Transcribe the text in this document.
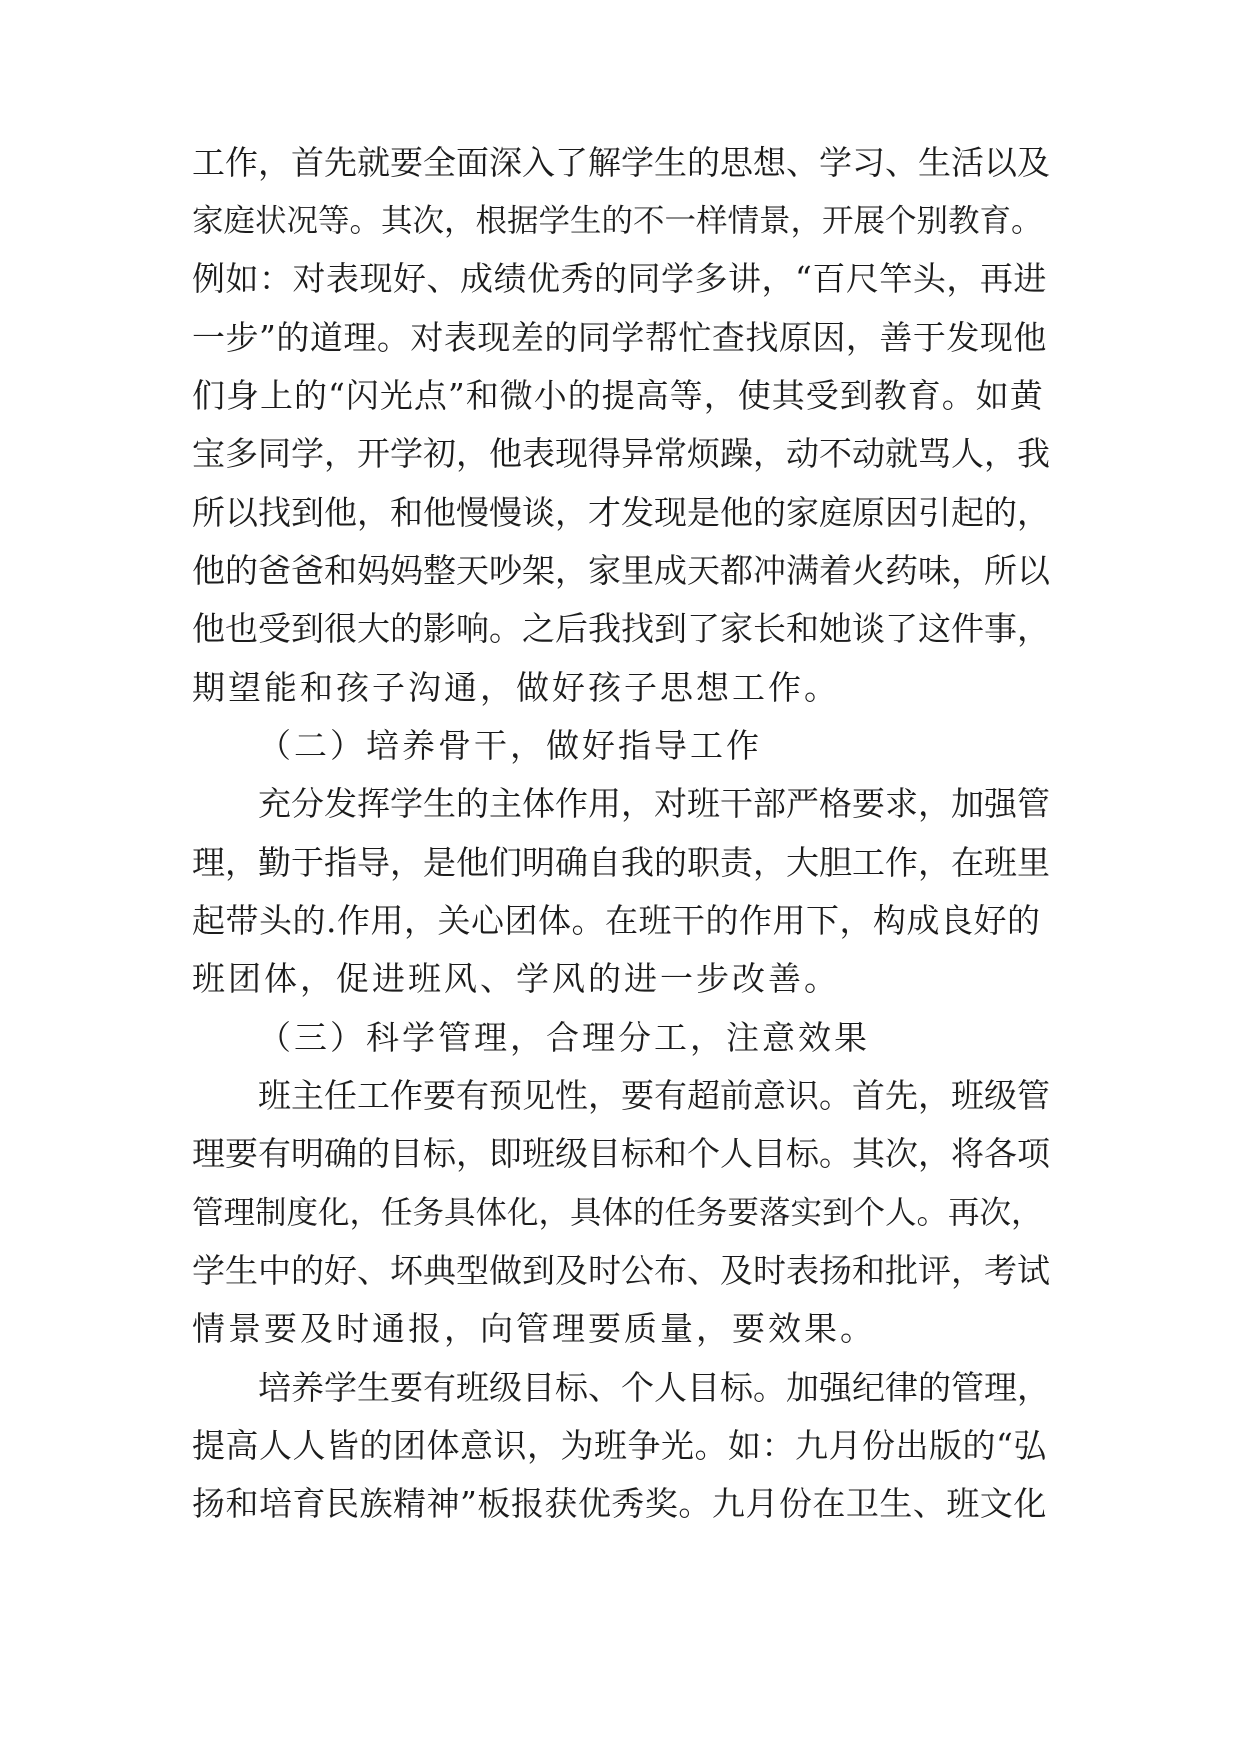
工作，首先就要全面深入了解学生的思想、学习、生活以及
家庭状况等。其次，根据学生的不一样情景，开展个别教育。
例如：对表现好、成绩优秀的同学多讲，“百尺竿头，再进
一步”的道理。对表现差的同学帮忙查找原因，善于发现他
们身上的“闪光点”和微小的提高等，使其受到教育。如黄
宝多同学，开学初，他表现得异常烦躁，动不动就骂人，我
所以找到他，和他慢慢谈，才发现是他的家庭原因引起的，
他的爸爸和妈妈整天吵架，家里成天都冲满着火药味，所以
他也受到很大的影响。之后我找到了家长和她谈了这件事，
期望能和孩子沟通，做好孩子思想工作。
（二）培养骨干，做好指导工作
充分发挥学生的主体作用，对班干部严格要求，加强管
理，勤于指导，是他们明确自我的职责，大胆工作，在班里
起带头的.作用，关心团体。在班干的作用下，构成良好的
班团体，促进班风、学风的进一步改善。
（三）科学管理，合理分工，注意效果
班主任工作要有预见性，要有超前意识。首先，班级管
理要有明确的目标，即班级目标和个人目标。其次，将各项
管理制度化，任务具体化，具体的任务要落实到个人。再次，
学生中的好、坏典型做到及时公布、及时表扬和批评，考试
情景要及时通报，向管理要质量，要效果。
培养学生要有班级目标、个人目标。加强纪律的管理，
提高人人皆的团体意识，为班争光。如：九月份出版的“弘
扬和培育民族精神”板报获优秀奖。九月份在卫生、班文化
